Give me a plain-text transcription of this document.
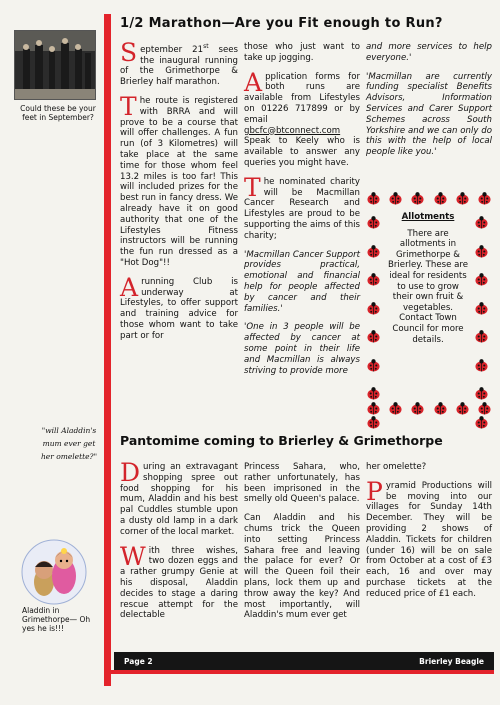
Could these be your feet in September?
"will Aladdin's mum ever get her omelette?"
Aladdin in Grimethorpe— Oh yes he is!!!
1/2 Marathon—Are you Fit enough to Run?

September 21st sees the inaugural running of the Grimethorpe & Brierley half marathon.

The route is registered with BRRA and will prove to be a course that will offer challenges. A fun run (of 3 Kilometres) will take place at the same time for those whom feel 13.2 miles is too far! This will included prizes for the best run in fancy dress. We already have it on good authority that one of the Lifestyles Fitness instructors will be running the fun run dressed as a "Hot Dog"!!

A running Club is underway at Lifestyles, to offer support and training advice for those whom want to take part or for

those who just want to take up jogging.

Application forms for both runs are available from Lifestyles on 01226 717899 or by email gbcfc@btconnect.com Speak to Keely who is available to answer any queries you might have.

The nominated charity will be Macmillan Cancer Research and Lifestyles are proud to be supporting the aims of this charity;

'Macmillan Cancer Support provides practical, emotional and financial help for people affected by cancer and their families.'

'One in 3 people will be affected by cancer at some point in their life and Macmillan is always striving to provide more

and more services to help everyone.'

'Macmillan are currently funding specialist Benefits Advisors, Information Services and Carer Support Schemes across South Yorkshire and we can only do this with the help of local people like you.'

Allotments
There are allotments in Grimethorpe & Brierley. These are ideal for residents to use to grow their own fruit & vegetables. Contact Town Council for more details.
Pantomime coming to Brierley & Grimethorpe

During an extravagant shopping spree out food shopping for his mum, Aladdin and his best pal Cuddles stumble upon a dusty old lamp in a dark corner of the local market.

With three wishes, two dozen eggs and a rather grumpy Genie at his disposal, Aladdin decides to stage a daring rescue attempt for the delectable

Princess Sahara, who, rather unfortunately, has been imprisoned in the smelly old Queen's palace.

Can Aladdin and his chums trick the Queen into setting Princess Sahara free and leaving the palace for ever? Or will the Queen foil their plans, lock them up and throw away the key? And most importantly, will Aladdin's mum ever get

her omelette?

Pyramid Productions will be moving into our villages for Sunday 14th December. They will be providing 2 shows of Aladdin. Tickets for children (under 16) will be on sale from October at a cost of £3 each, 16 and over may purchase tickets at the reduced price of £1 each.

Page 2	Brierley Beagle
